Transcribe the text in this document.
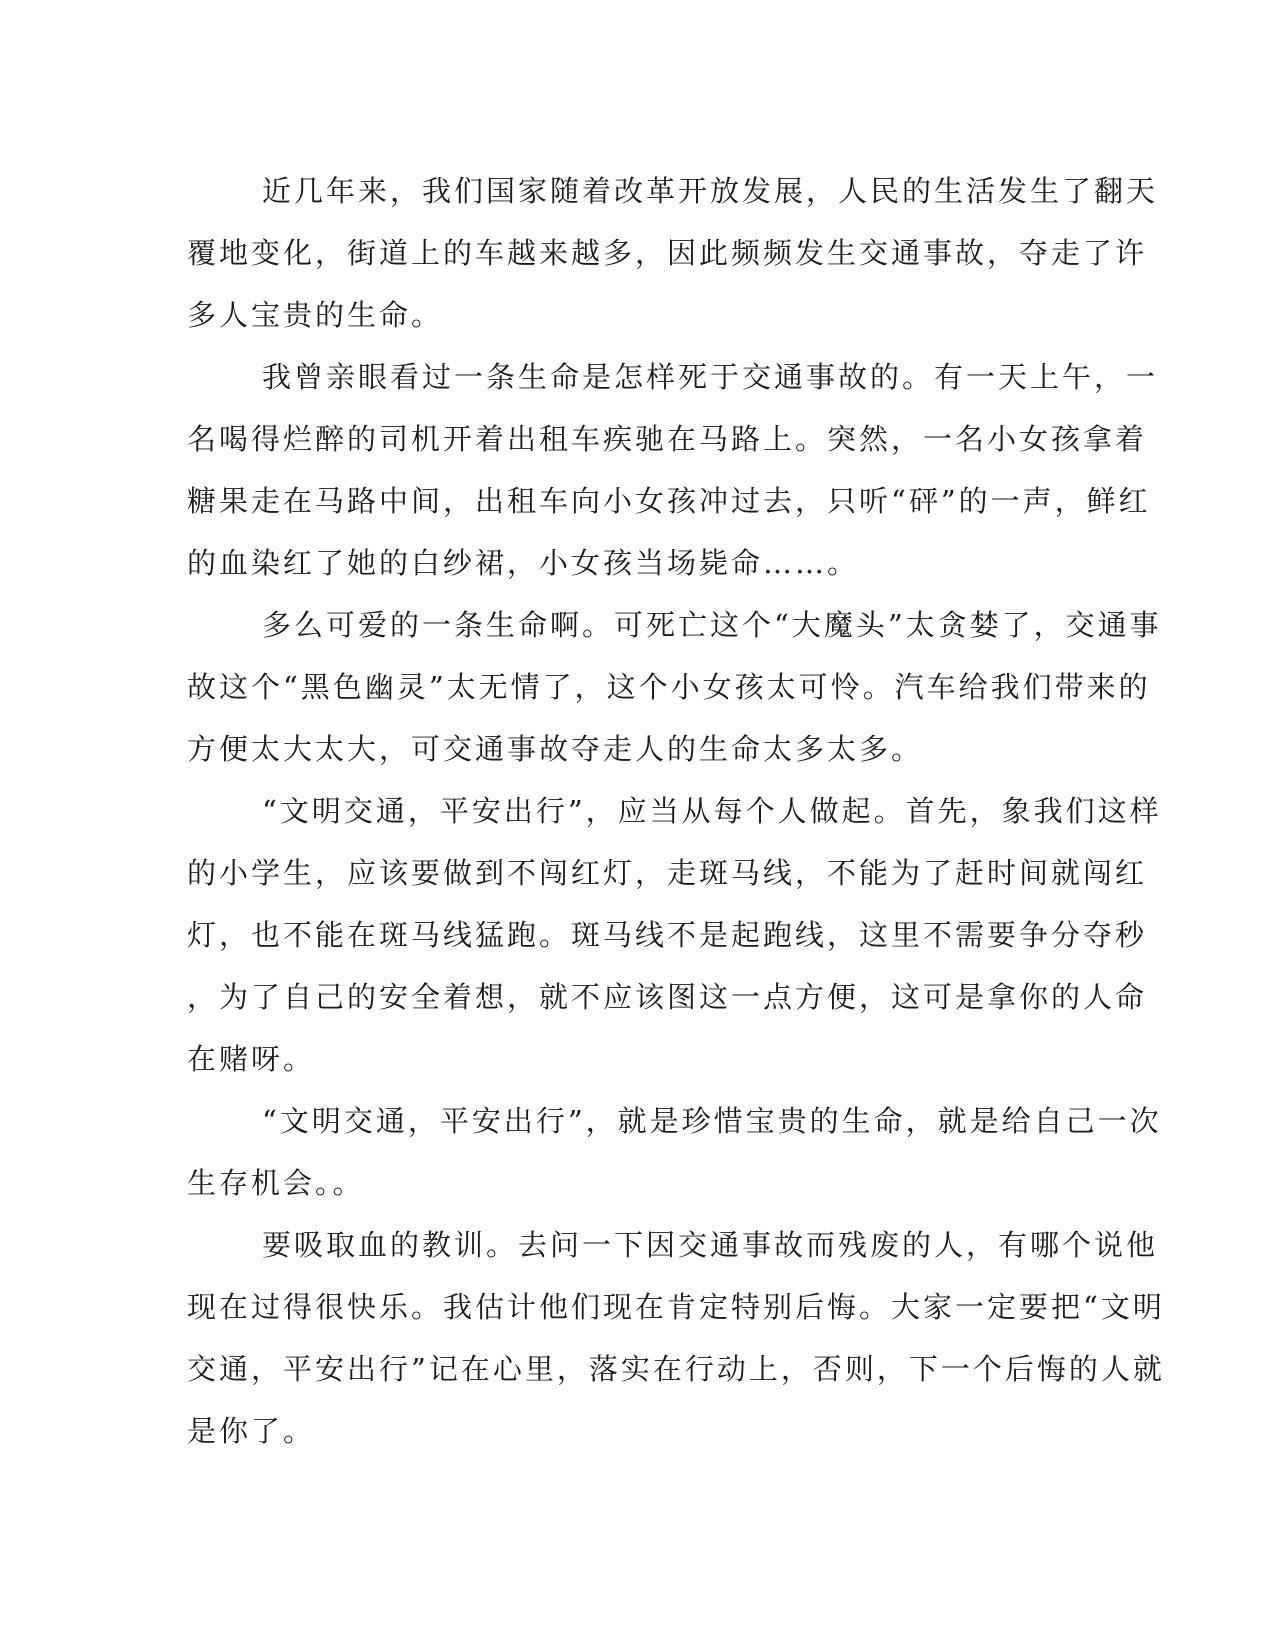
近几年来，我们国家随着改革开放发展，人民的生活发生了翻天
覆地变化，街道上的车越来越多，因此频频发生交通事故，夺走了许
多人宝贵的生命。
我曾亲眼看过一条生命是怎样死于交通事故的。有一天上午，一
名喝得烂醉的司机开着出租车疾驰在马路上。突然，一名小女孩拿着
糖果走在马路中间，出租车向小女孩冲过去，只听“砰”的一声，鲜红
的血染红了她的白纱裙，小女孩当场毙命……。
多么可爱的一条生命啊。可死亡这个“大魔头”太贪婪了，交通事
故这个“黑色幽灵”太无情了，这个小女孩太可怜。汽车给我们带来的
方便太大太大，可交通事故夺走人的生命太多太多。
“文明交通，平安出行”，应当从每个人做起。首先，象我们这样
的小学生，应该要做到不闯红灯，走斑马线，不能为了赶时间就闯红
灯，也不能在斑马线猛跑。斑马线不是起跑线，这里不需要争分夺秒
，为了自己的安全着想，就不应该图这一点方便，这可是拿你的人命
在赌呀。
“文明交通，平安出行”，就是珍惜宝贵的生命，就是给自己一次
生存机会。。
要吸取血的教训。去问一下因交通事故而残废的人，有哪个说他
现在过得很快乐。我估计他们现在肯定特别后悔。大家一定要把“文明
交通，平安出行”记在心里，落实在行动上，否则，下一个后悔的人就
是你了。
